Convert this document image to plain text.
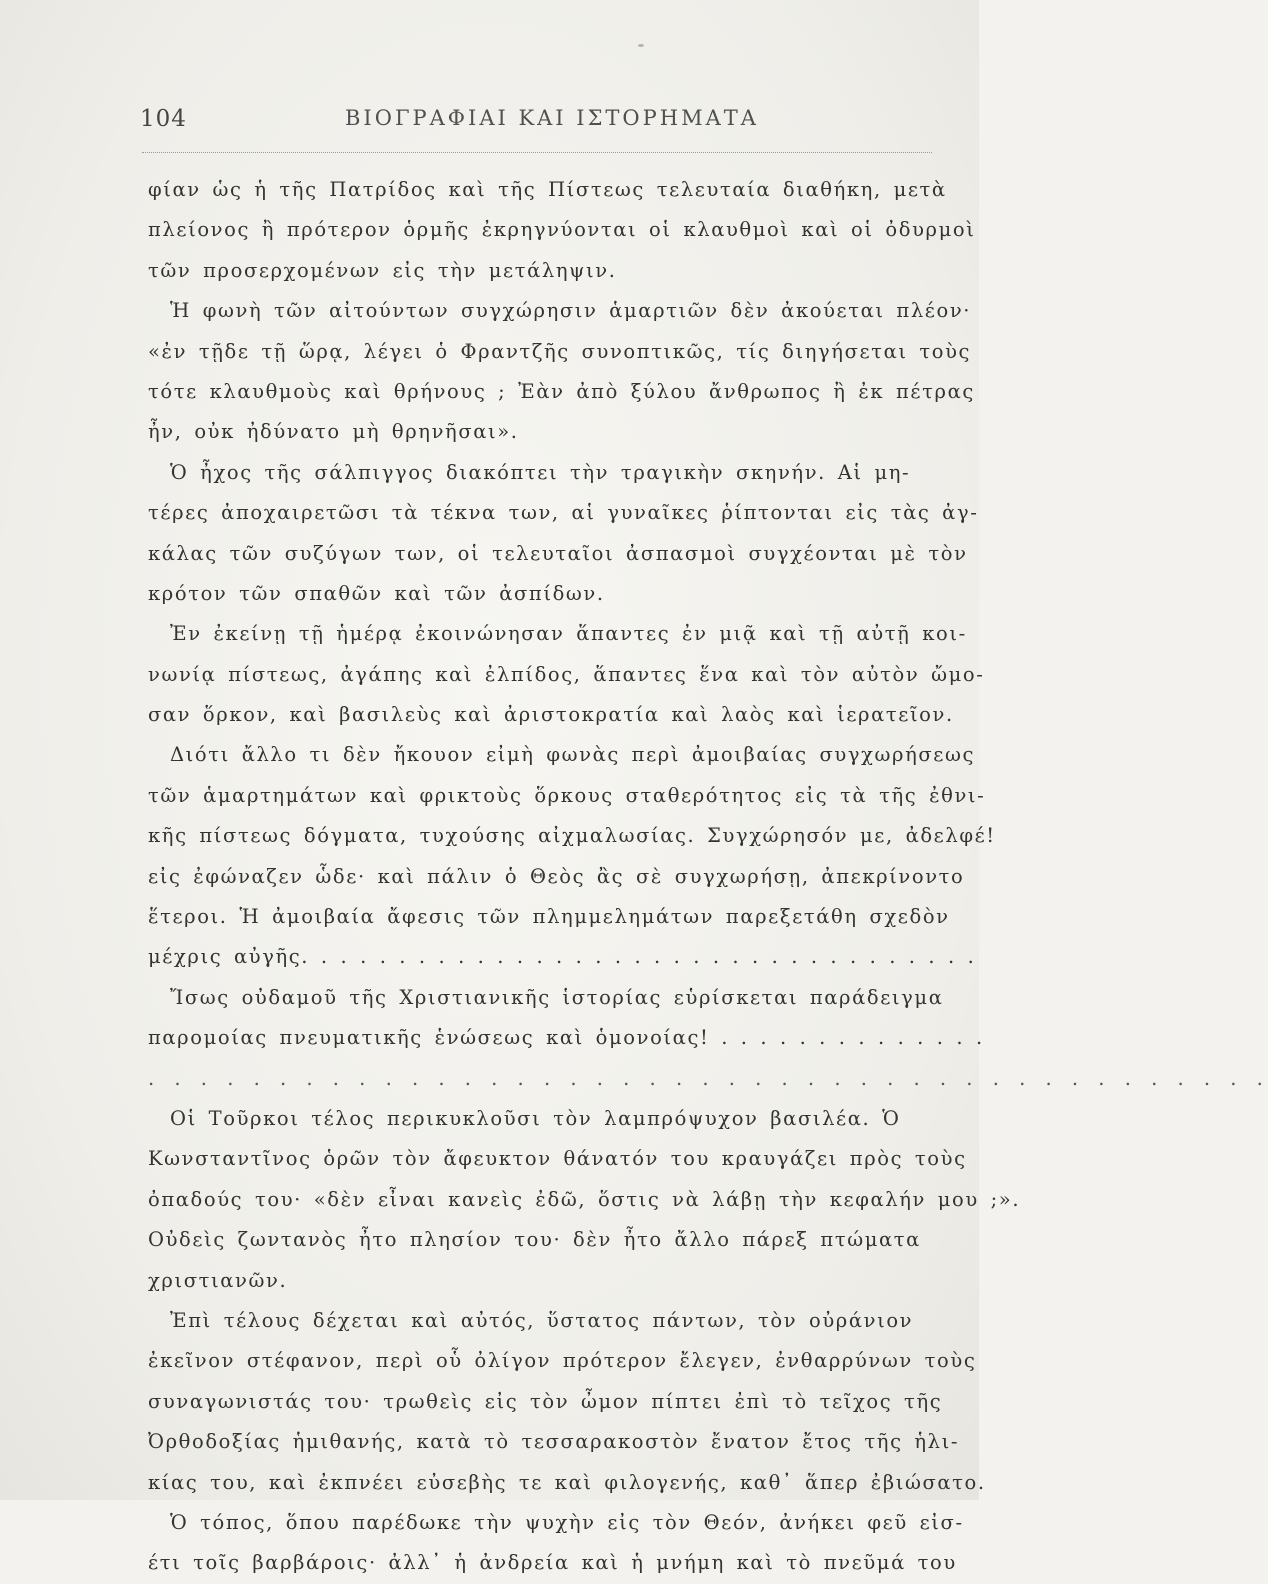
104	ΒΙΟΓΡΑΦΙΑΙ ΚΑΙ ΙΣΤΟΡΗΜΑΤΑ
φίαν ὡς ἡ τῆς Πατρίδος καὶ τῆς Πίστεως τελευταία διαθήκη, μετὰ
πλείονος ἢ πρότερον ὁρμῆς ἐκρηγνύονται οἱ κλαυθμοὶ καὶ οἱ ὀδυρμοὶ
τῶν προσερχομένων εἰς τὴν μετάληψιν.
Ἡ φωνὴ τῶν αἰτούντων συγχώρησιν ἁμαρτιῶν δὲν ἀκούεται πλέον·
«ἐν τῇδε τῇ ὥρᾳ, λέγει ὁ Φραντζῆς συνοπτικῶς, τίς διηγήσεται τοὺς
τότε κλαυθμοὺς καὶ θρήνους ; Ἐὰν ἀπὸ ξύλου ἄνθρωπος ἢ ἐκ πέτρας
ἦν, οὐκ ἠδύνατο μὴ θρηνῆσαι».
Ὁ ἦχος τῆς σάλπιγγος διακόπτει τὴν τραγικὴν σκηνήν. Αἱ μη-
τέρες ἀποχαιρετῶσι τὰ τέκνα των, αἱ γυναῖκες ῥίπτονται εἰς τὰς ἀγ-
κάλας τῶν συζύγων των, οἱ τελευταῖοι ἀσπασμοὶ συγχέονται μὲ τὸν
κρότον τῶν σπαθῶν καὶ τῶν ἀσπίδων.
Ἐν ἐκείνῃ τῇ ἡμέρᾳ ἐκοινώνησαν ἅπαντες ἐν μιᾷ καὶ τῇ αὐτῇ κοι-
νωνίᾳ πίστεως, ἀγάπης καὶ ἐλπίδος, ἅπαντες ἕνα καὶ τὸν αὐτὸν ὤμο-
σαν ὅρκον, καὶ βασιλεὺς καὶ ἀριστοκρατία καὶ λαὸς καὶ ἱερατεῖον.
Διότι ἄλλο τι δὲν ἤκουον εἰμὴ φωνὰς περὶ ἀμοιβαίας συγχωρήσεως
τῶν ἁμαρτημάτων καὶ φρικτοὺς ὅρκους σταθερότητος εἰς τὰ τῆς ἐθνι-
κῆς πίστεως δόγματα, τυχούσης αἰχμαλωσίας. Συγχώρησόν με, ἀδελφέ!
εἰς ἐφώναζεν ὧδε· καὶ πάλιν ὁ Θεὸς ἂς σὲ συγχωρήσῃ, ἀπεκρίνοντο
ἕτεροι. Ἡ ἀμοιβαία ἄφεσις τῶν πλημμελημάτων παρεξετάθη σχεδὸν
μέχρις αὐγῆς. . . . . . . . . . . . . . . . . . . . . . . . . . . . . . . . . . .
Ἴσως οὐδαμοῦ τῆς Χριστιανικῆς ἱστορίας εὑρίσκεται παράδειγμα
παρομοίας πνευματικῆς ἑνώσεως καὶ ὁμονοίας! . . . . . . . . . . . . . .
. . . . . . . . . . . . . . . . . . . . . . . . . . . . . . . . . . . . . . . . . . .
Οἱ Τοῦρκοι τέλος περικυκλοῦσι τὸν λαμπρόψυχον βασιλέα. Ὁ
Κωνσταντῖνος ὁρῶν τὸν ἄφευκτον θάνατόν του κραυγάζει πρὸς τοὺς
ὀπαδούς του· «δὲν εἶναι κανεὶς ἐδῶ, ὅστις νὰ λάβῃ τὴν κεφαλήν μου ;».
Οὐδεὶς ζωντανὸς ἦτο πλησίον του· δὲν ἦτο ἄλλο πάρεξ πτώματα
χριστιανῶν.
Ἐπὶ τέλους δέχεται καὶ αὐτός, ὕστατος πάντων, τὸν οὐράνιον
ἐκεῖνον στέφανον, περὶ οὗ ὀλίγον πρότερον ἔλεγεν, ἐνθαρρύνων τοὺς
συναγωνιστάς του· τρωθεὶς εἰς τὸν ὦμον πίπτει ἐπὶ τὸ τεῖχος τῆς
Ὀρθοδοξίας ἡμιθανής, κατὰ τὸ τεσσαρακοστὸν ἔνατον ἔτος τῆς ἡλι-
κίας του, καὶ ἐκπνέει εὐσεβὴς τε καὶ φιλογενής, καθ᾿ ἅπερ ἐβιώσατο.
Ὁ τόπος, ὅπου παρέδωκε τὴν ψυχὴν εἰς τὸν Θεόν, ἀνήκει φεῦ εἰσ-
έτι τοῖς βαρβάροις· ἀλλ᾿ ἡ ἀνδρεία καὶ ἡ μνήμη καὶ τὸ πνεῦμά του
